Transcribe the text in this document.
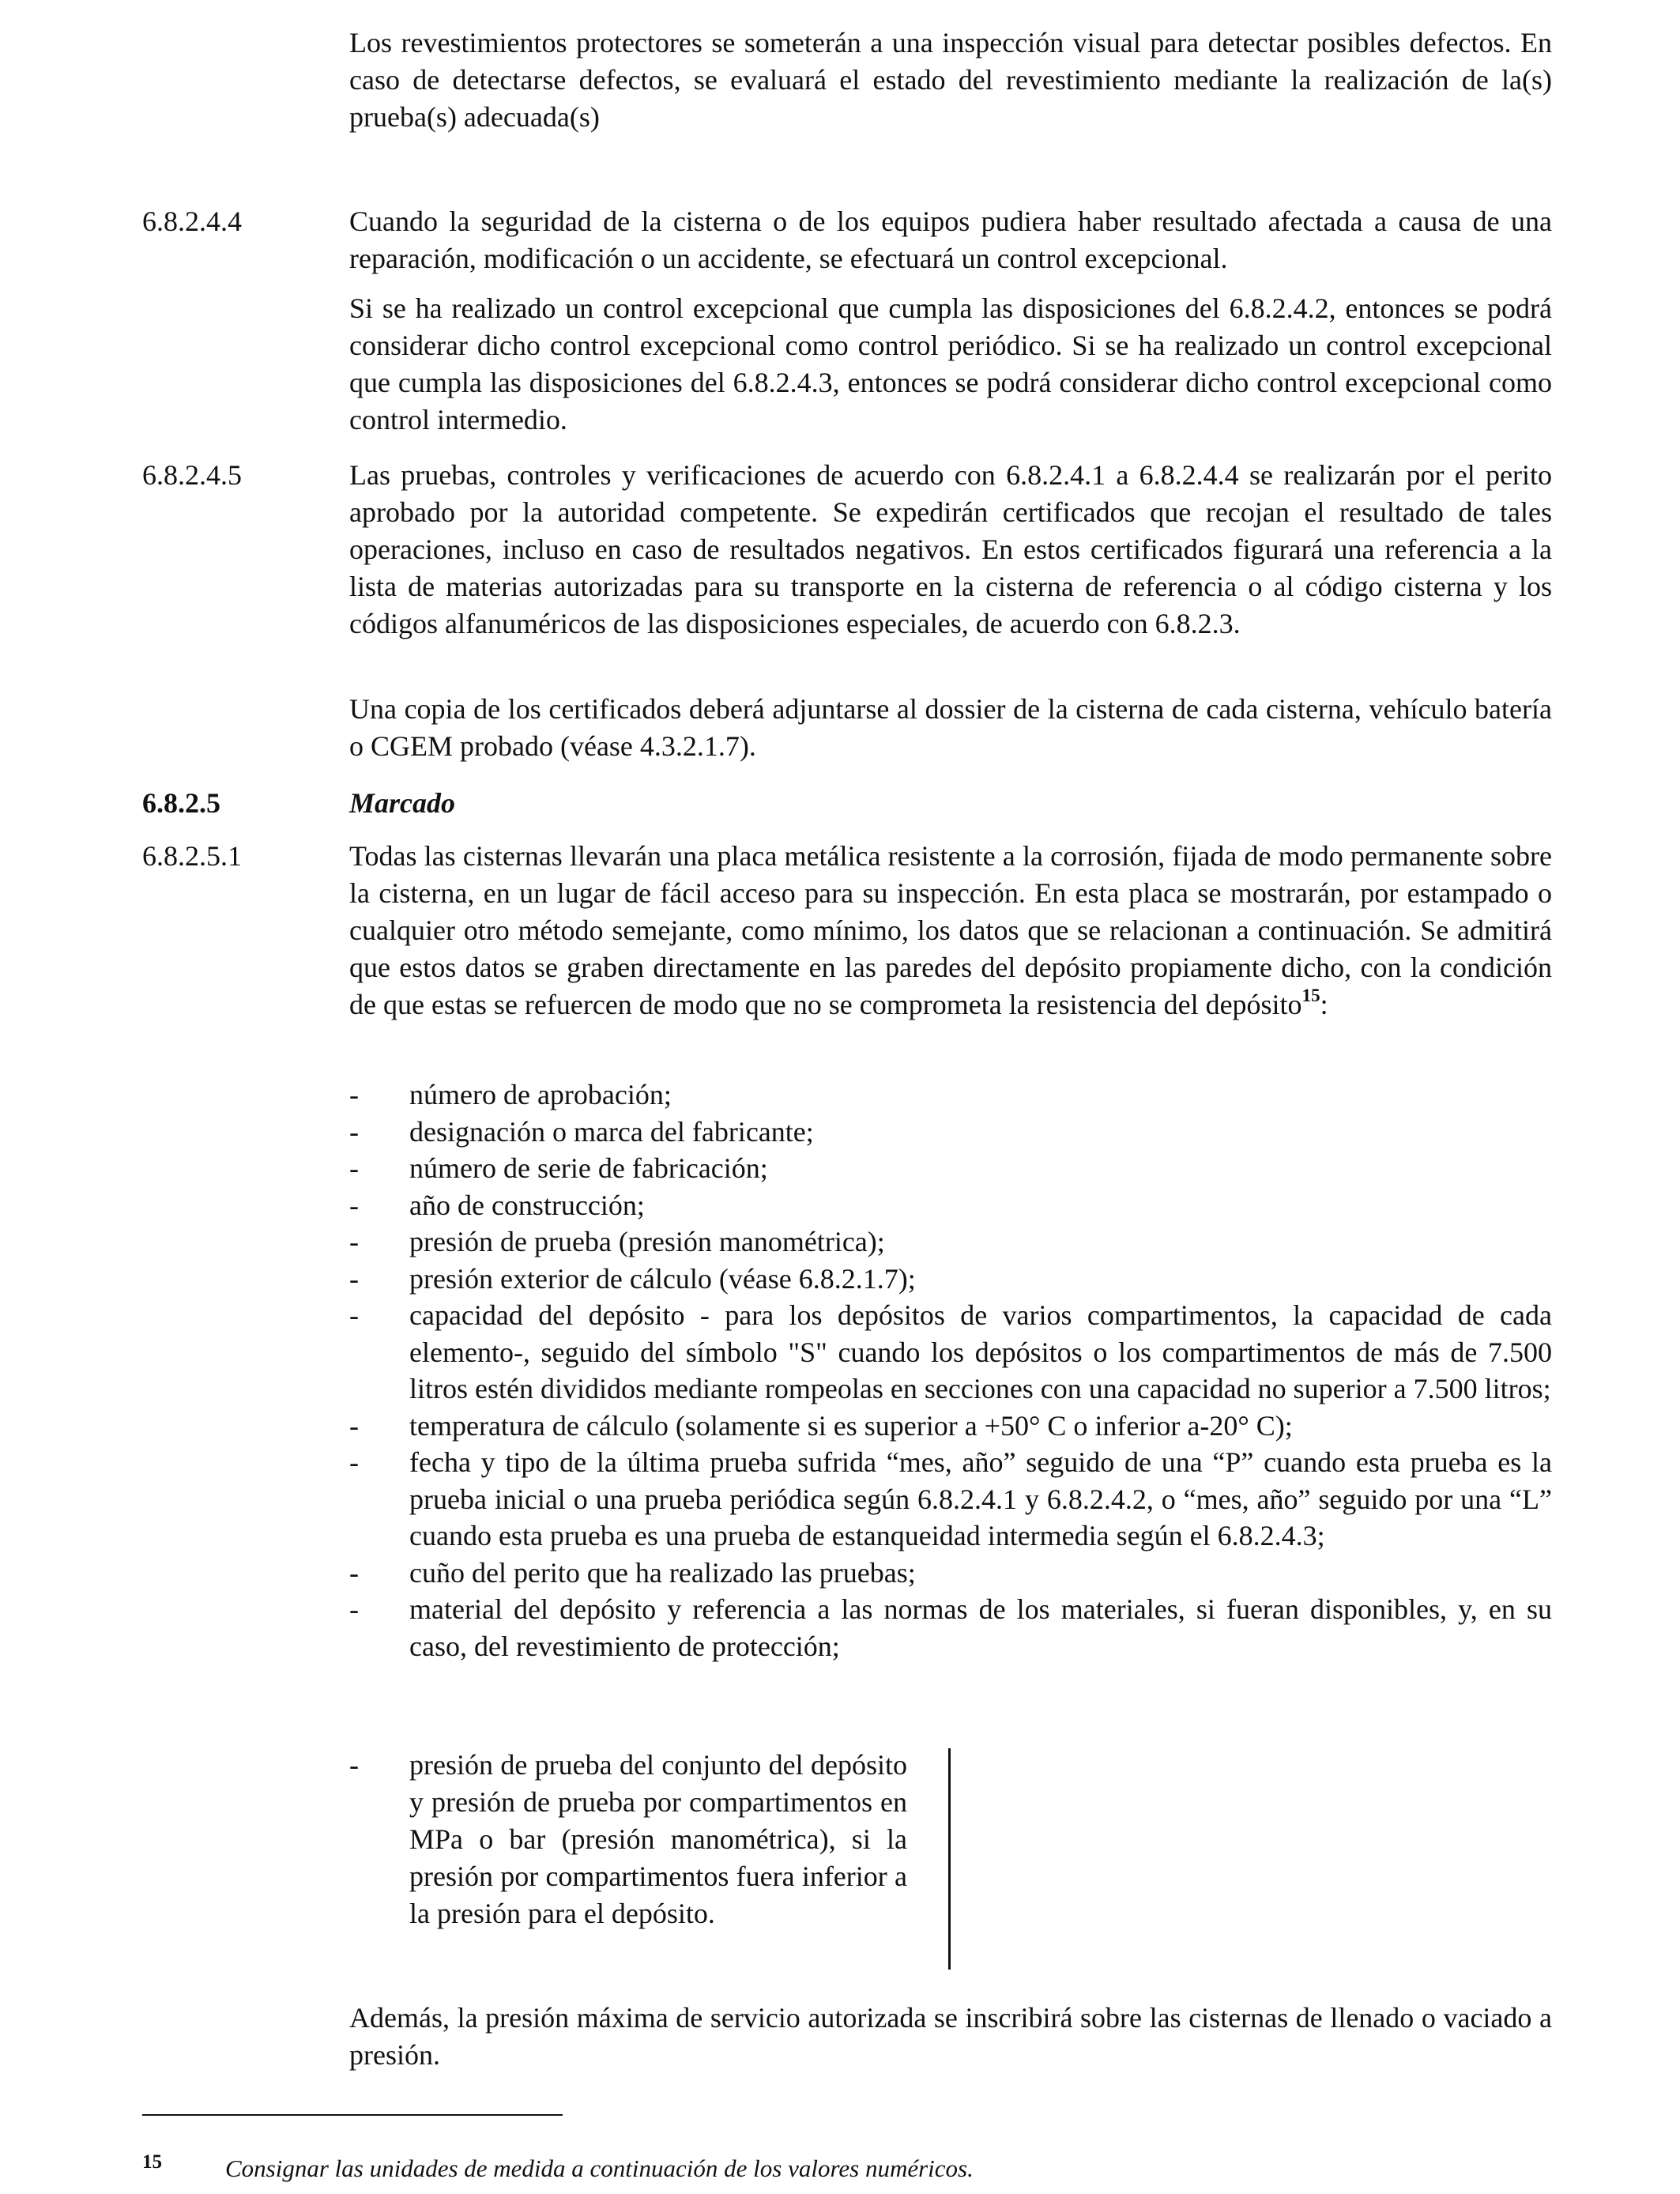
Los revestimientos protectores se someterán a una inspección visual para detectar posibles defectos. En caso de detectarse defectos, se evaluará el estado del revestimiento mediante la realización de la(s) prueba(s) adecuada(s)
6.8.2.4.4	Cuando la seguridad de la cisterna o de los equipos pudiera haber resultado afectada a causa de una reparación, modificación o un accidente, se efectuará un control excepcional.
Si se ha realizado un control excepcional que cumpla las disposiciones del 6.8.2.4.2, entonces se podrá considerar dicho control excepcional como control periódico. Si se ha realizado un control excepcional que cumpla las disposiciones del 6.8.2.4.3, entonces se podrá considerar dicho control excepcional como control intermedio.
6.8.2.4.5	Las pruebas, controles y verificaciones de acuerdo con 6.8.2.4.1 a 6.8.2.4.4 se realizarán por el perito aprobado por la autoridad competente. Se expedirán certificados que recojan el resultado de tales operaciones, incluso en caso de resultados negativos. En estos certificados figurará una referencia a la lista de materias autorizadas para su transporte en la cisterna de referencia o al código cisterna y los códigos alfanuméricos de las disposiciones especiales, de acuerdo con 6.8.2.3.
Una copia de los certificados deberá adjuntarse al dossier de la cisterna de cada cisterna, vehículo batería o CGEM probado (véase 4.3.2.1.7).
6.8.2.5	Marcado
6.8.2.5.1	Todas las cisternas llevarán una placa metálica resistente a la corrosión, fijada de modo permanente sobre la cisterna, en un lugar de fácil acceso para su inspección. En esta placa se mostrarán, por estampado o cualquier otro método semejante, como mínimo, los datos que se relacionan a continuación. Se admitirá que estos datos se graben directamente en las paredes del depósito propiamente dicho, con la condición de que estas se refuercen de modo que no se comprometa la resistencia del depósito$^{15}$:
- número de aprobación;
- designación o marca del fabricante;
- número de serie de fabricación;
- año de construcción;
- presión de prueba (presión manométrica);
- presión exterior de cálculo (véase 6.8.2.1.7);
- capacidad del depósito - para los depósitos de varios compartimentos, la capacidad de cada elemento-, seguido del símbolo "S" cuando los depósitos o los compartimentos de más de 7.500 litros estén divididos mediante rompeolas en secciones con una capacidad no superior a 7.500 litros;
- temperatura de cálculo (solamente si es superior a +50° C o inferior a-20° C);
- fecha y tipo de la última prueba sufrida “mes, año” seguido de una “P” cuando esta prueba es la prueba inicial o una prueba periódica según 6.8.2.4.1 y 6.8.2.4.2, o “mes, año” seguido por una “L” cuando esta prueba es una prueba de estanqueidad intermedia según el 6.8.2.4.3;
- cuño del perito que ha realizado las pruebas;
- material del depósito y referencia a las normas de los materiales, si fueran disponibles, y, en su caso, del revestimiento de protección;
- presión de prueba del conjunto del depósito y presión de prueba por compartimentos en MPa o bar (presión manométrica), si la presión por compartimentos fuera inferior a la presión para el depósito.
Además, la presión máxima de servicio autorizada se inscribirá sobre las cisternas de llenado o vaciado a presión.
15	Consignar las unidades de medida a continuación de los valores numéricos.
